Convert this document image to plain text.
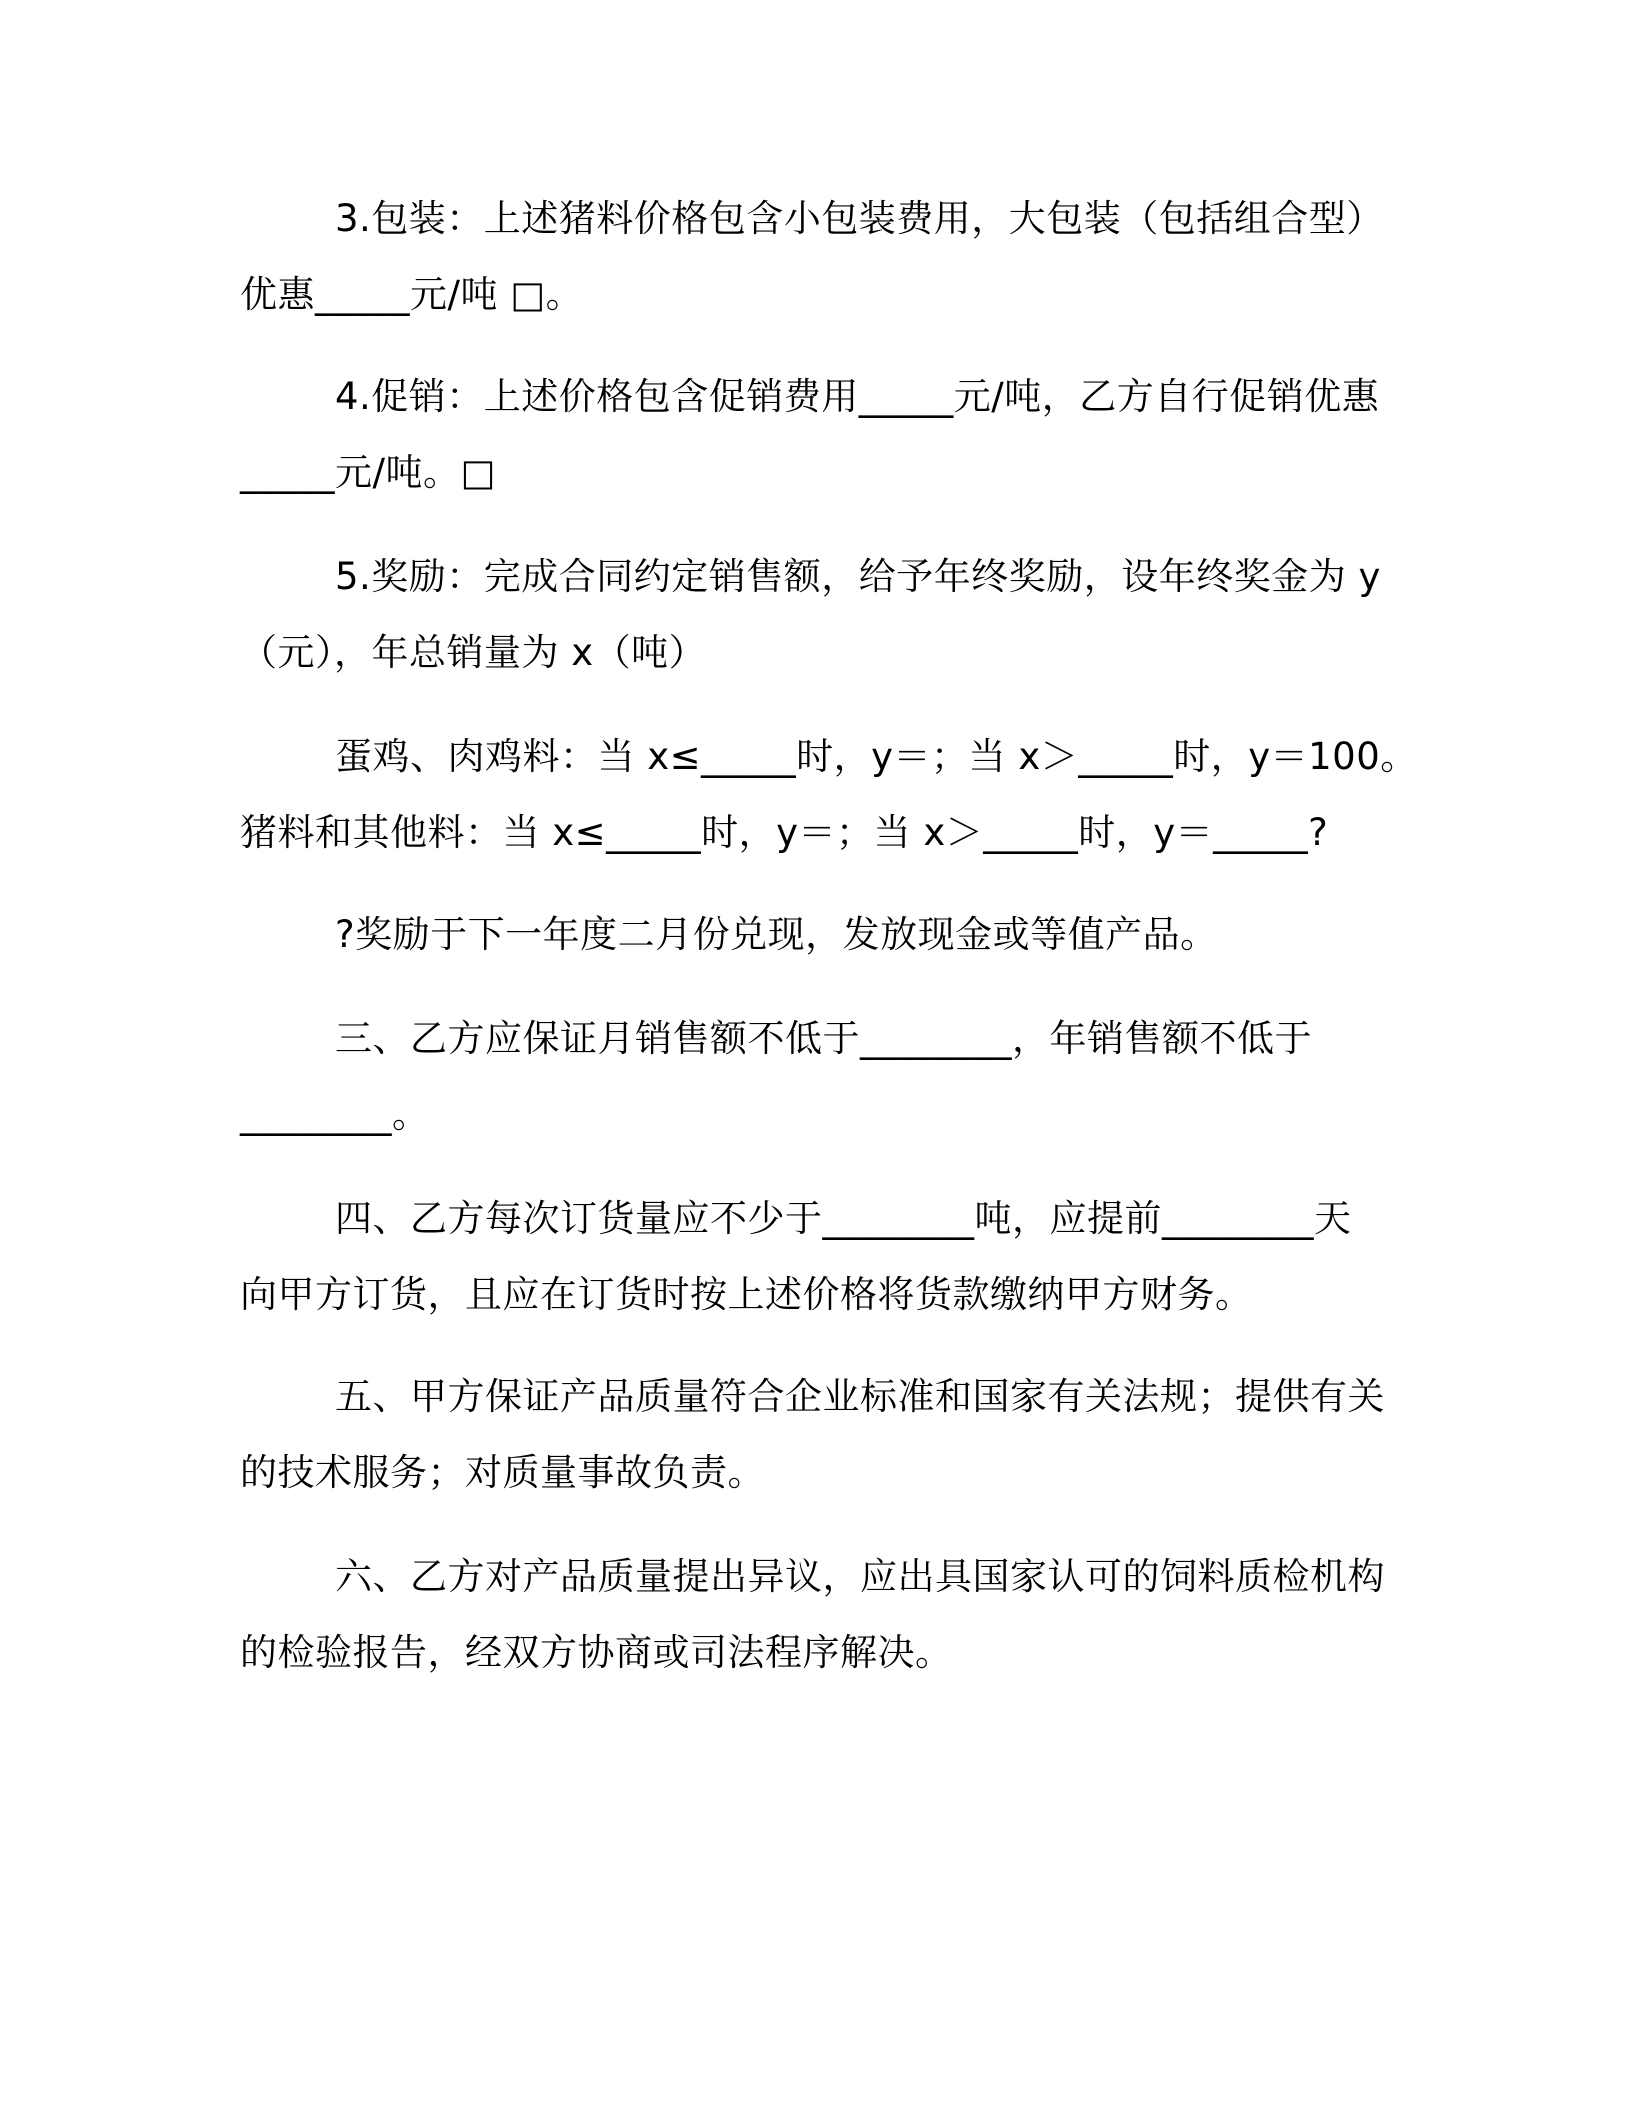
3.包装：上述猪料价格包含小包装费用，大包装（包括组合型）
优惠_____元/吨 □。
4.促销：上述价格包含促销费用_____元/吨，乙方自行促销优惠
_____元/吨。□
5.奖励：完成合同约定销售额，给予年终奖励，设年终奖金为 y
（元），年总销量为 x（吨）
蛋鸡、肉鸡料：当 x≤_____时，y＝；当 x＞_____时，y＝100。
猪料和其他料：当 x≤_____时，y＝；当 x＞_____时，y＝_____?
?奖励于下一年度二月份兑现，发放现金或等值产品。
三、乙方应保证月销售额不低于________，年销售额不低于
________。
四、乙方每次订货量应不少于________吨，应提前________天
向甲方订货，且应在订货时按上述价格将货款缴纳甲方财务。
五、甲方保证产品质量符合企业标准和国家有关法规；提供有关
的技术服务；对质量事故负责。
六、乙方对产品质量提出异议，应出具国家认可的饲料质检机构
的检验报告，经双方协商或司法程序解决。
